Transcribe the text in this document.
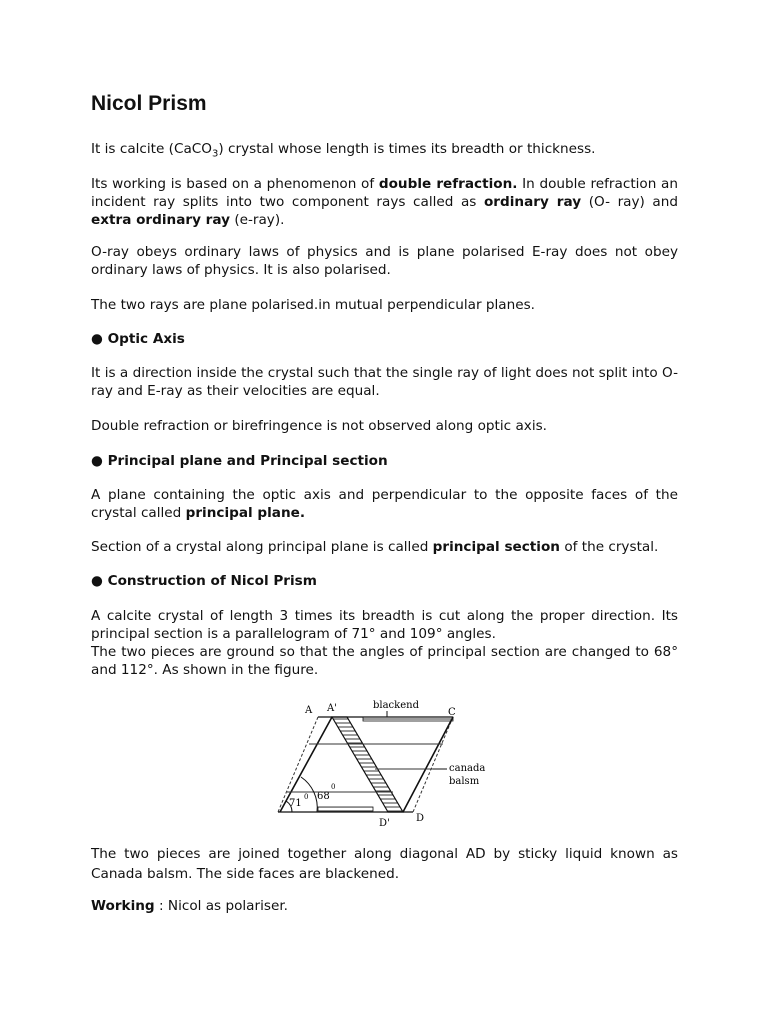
Nicol Prism

It is calcite (CaCO$_3$) crystal whose length is times its breadth or thickness.

Its working is based on a phenomenon of double refraction. In double refraction an incident ray splits into two component rays called as ordinary ray (O- ray) and extra ordinary ray (e-ray).

O-ray obeys ordinary laws of physics and is plane polarised E-ray does not obey ordinary laws of physics. It is also polarised.

The two rays are plane polarised.in mutual perpendicular planes.

● Optic Axis

It is a direction inside the crystal such that the single ray of light does not split into O-ray and E-ray as their velocities are equal.

Double refraction or birefringence is not observed along optic axis.

● Principal plane and Principal section

A plane containing the optic axis and perpendicular to the opposite faces of the crystal called principal plane.

Section of a crystal along principal plane is called principal section of the crystal.

● Construction of Nicol Prism

A calcite crystal of length 3 times its breadth is cut along the proper direction. Its principal section is a parallelogram of 71° and 109° angles.
The two pieces are ground so that the angles of principal section are changed to 68° and 112°. As shown in the figure.

A A'	blackend
C
canada
balsm
D'	D
71
0 68
0

The two pieces are joined together along diagonal AD by sticky liquid known as Canada balsm. The side faces are blackened.

Working : Nicol as polariser.
